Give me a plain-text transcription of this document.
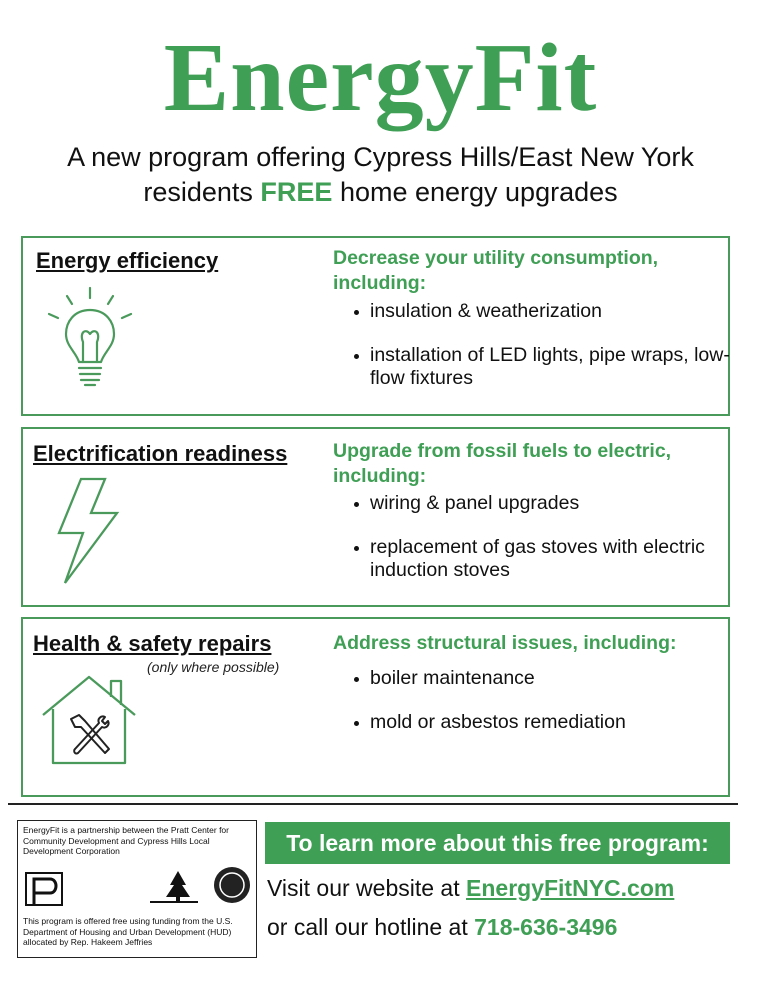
EnergyFit
A new program offering Cypress Hills/East New York
residents FREE home energy upgrades
Energy efficiency	Decrease your utility consumption, including:
insulation & weatherization
installation of LED lights, pipe wraps, low-flow fixtures
Electrification readiness Upgrade from fossil fuels to electric, including:
wiring & panel upgrades
replacement of gas stoves with electric induction stoves
Health & safety repairs
(only where possible)
Address structural issues, including:
boiler maintenance
mold or asbestos remediation
EnergyFit is a partnership between the Pratt Center for Community Development and Cypress Hills Local Development Corporation
This program is offered free using funding from the U.S. Department of Housing and Urban Development (HUD) allocated by Rep. Hakeem Jeffries
To learn more about this free program:
Visit our website at EnergyFitNYC.com
or call our hotline at 718-636-3496
